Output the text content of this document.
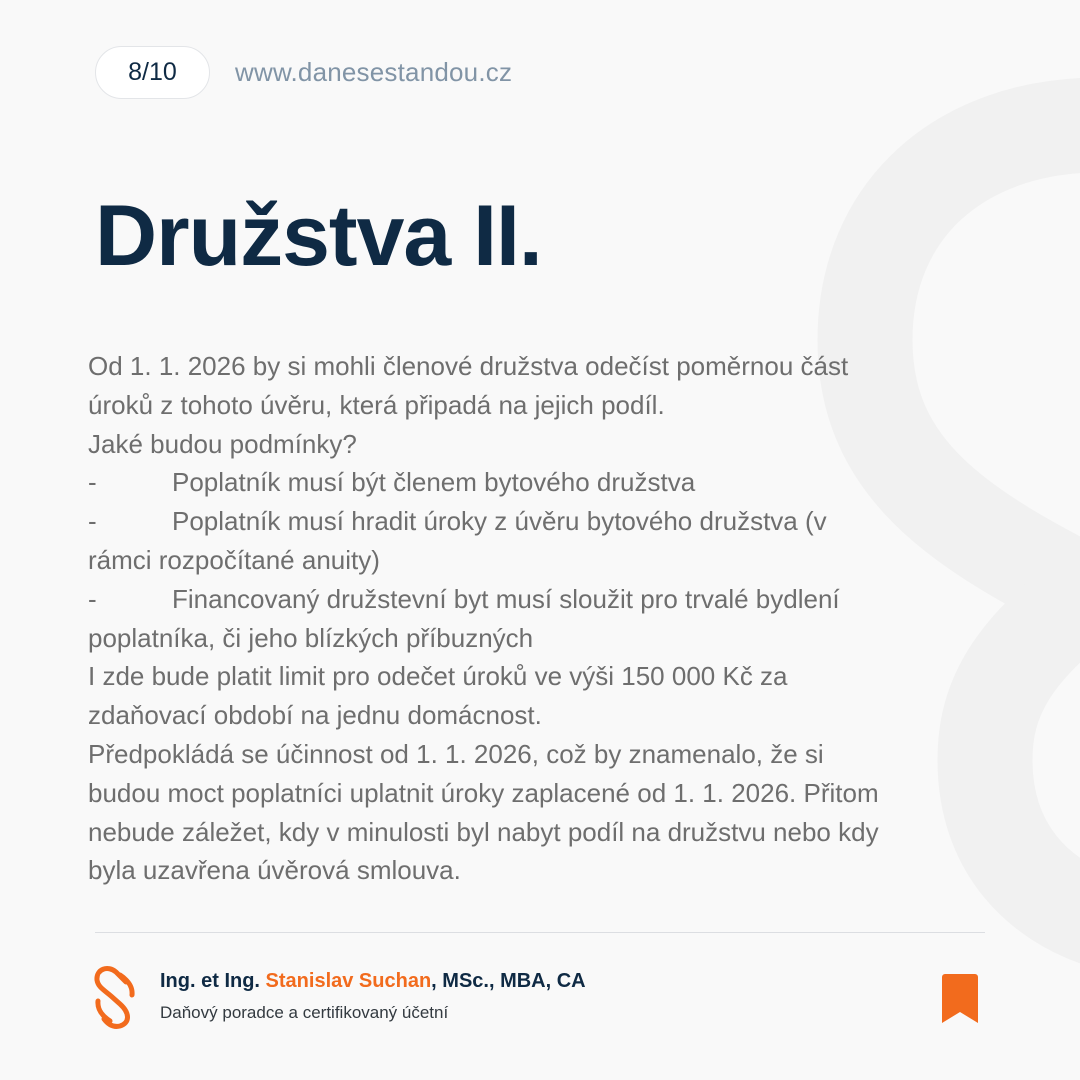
8/10	www.danesestandou.cz
Družstva II.
Od 1. 1. 2026 by si mohli členové družstva odečíst poměrnou část
úroků z tohoto úvěru, která připadá na jejich podíl.
Jaké budou podmínky?
-	Poplatník musí být členem bytového družstva
-	Poplatník musí hradit úroky z úvěru bytového družstva (v
rámci rozpočítané anuity)
-	Financovaný družstevní byt musí sloužit pro trvalé bydlení
poplatníka, či jeho blízkých příbuzných
I zde bude platit limit pro odečet úroků ve výši 150 000 Kč za
zdaňovací období na jednu domácnost.
Předpokládá se účinnost od 1. 1. 2026, což by znamenalo, že si
budou moct poplatníci uplatnit úroky zaplacené od 1. 1. 2026. Přitom
nebude záležet, kdy v minulosti byl nabyt podíl na družstvu nebo kdy
byla uzavřena úvěrová smlouva.
Ing. et Ing. Stanislav Suchan, MSc., MBA, CA
Daňový poradce a certifikovaný účetní
